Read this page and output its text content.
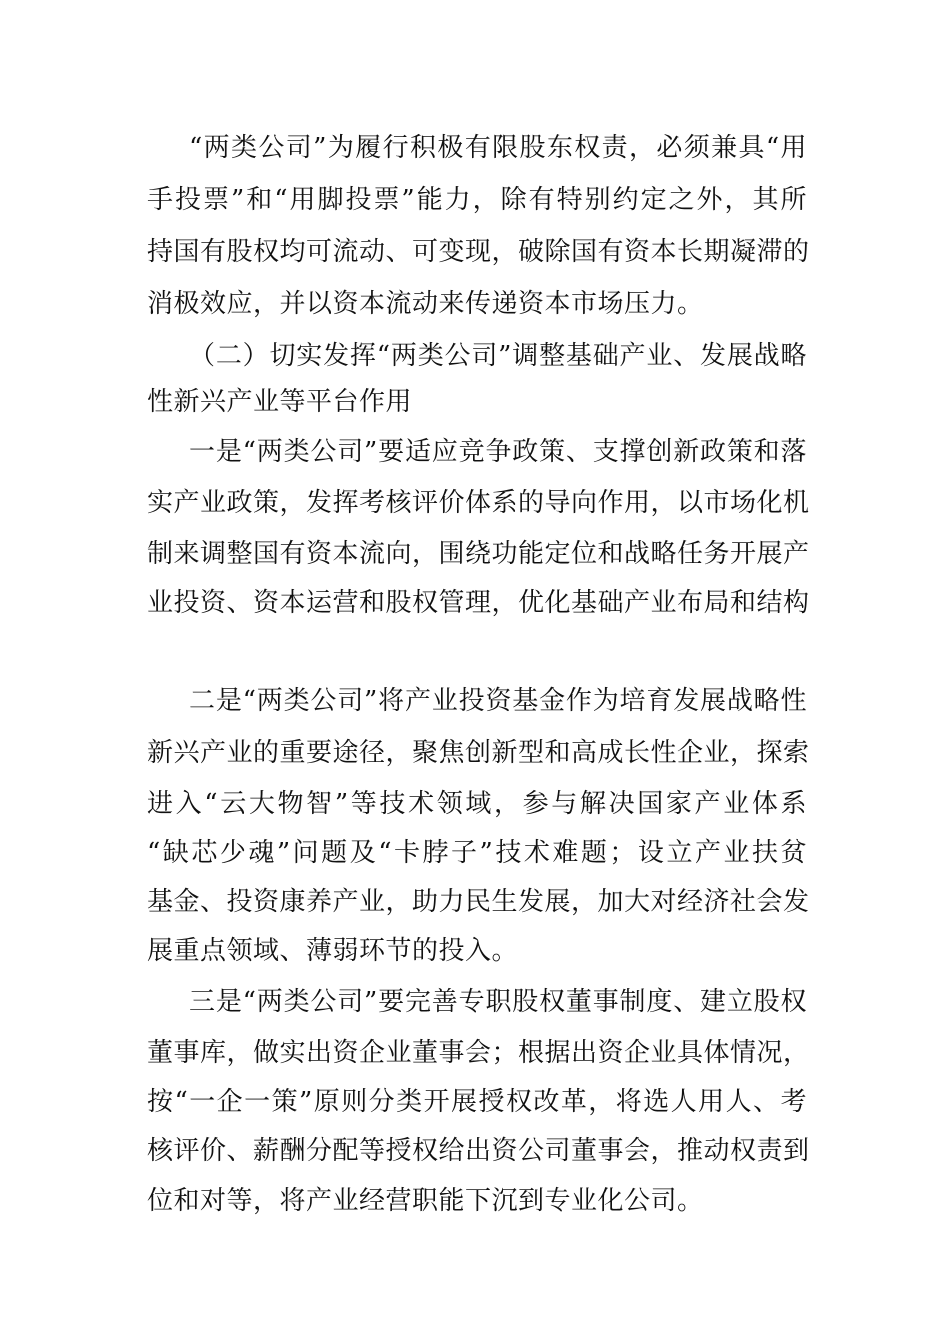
“两类公司”为履行积极有限股东权责，必须兼具“用

手投票”和“用脚投票”能力，除有特别约定之外，其所

持国有股权均可流动、可变现，破除国有资本长期凝滞的

消极效应，并以资本流动来传递资本市场压力。

（二）切实发挥“两类公司”调整基础产业、发展战略

性新兴产业等平台作用

一是“两类公司”要适应竞争政策、支撑创新政策和落

实产业政策，发挥考核评价体系的导向作用，以市场化机

制来调整国有资本流向，围绕功能定位和战略任务开展产

业投资、资本运营和股权管理，优化基础产业布局和结构

二是“两类公司”将产业投资基金作为培育发展战略性

新兴产业的重要途径，聚焦创新型和高成长性企业，探索

进入“云大物智”等技术领域，参与解决国家产业体系

“缺芯少魂”问题及“卡脖子”技术难题；设立产业扶贫

基金、投资康养产业，助力民生发展，加大对经济社会发

展重点领域、薄弱环节的投入。

三是“两类公司”要完善专职股权董事制度、建立股权

董事库，做实出资企业董事会；根据出资企业具体情况，

按“一企一策”原则分类开展授权改革，将选人用人、考

核评价、薪酬分配等授权给出资公司董事会，推动权责到

位和对等，将产业经营职能下沉到专业化公司。
